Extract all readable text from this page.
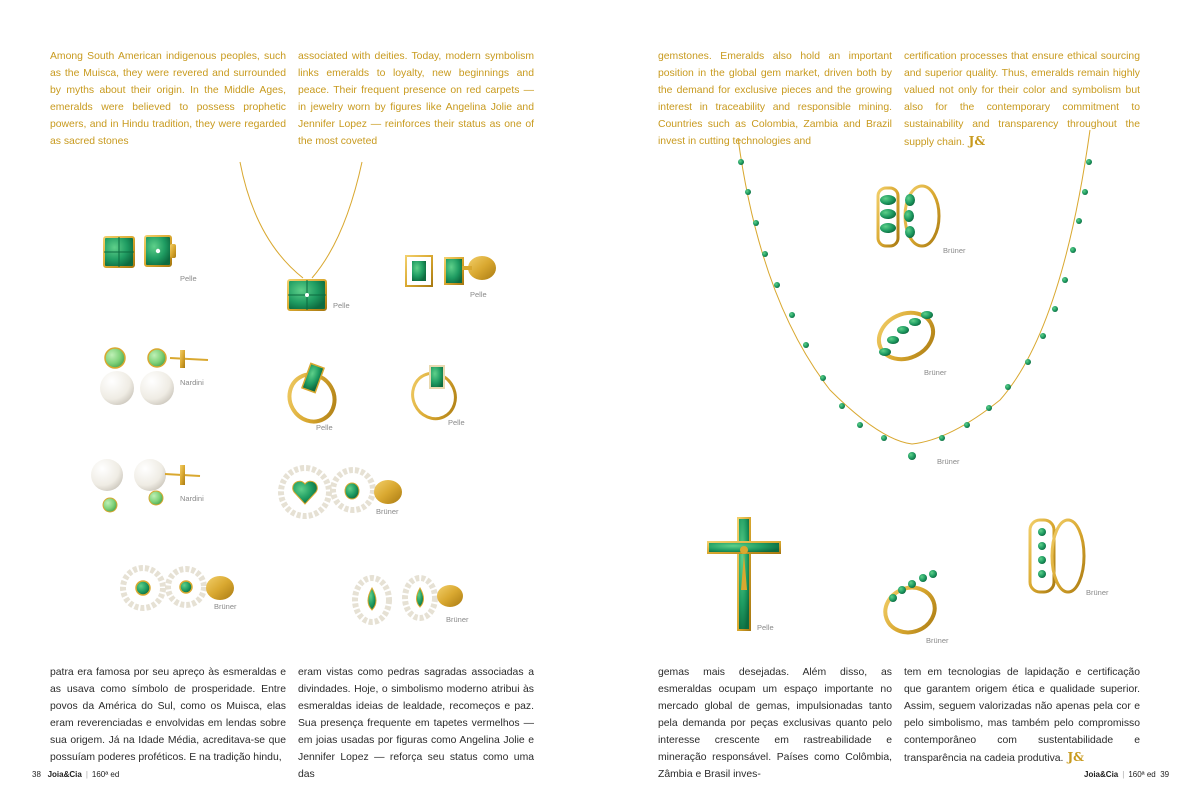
Among South American indigenous peoples, such as the Muisca, they were revered and surrounded by myths about their origin. In the Middle Ages, emeralds were believed to possess prophetic powers, and in Hindu tradition, they were regarded as sacred stones
associated with deities. Today, modern symbolism links emeralds to loyalty, new beginnings and peace. Their frequent presence on red carpets — in jewelry worn by figures like Angelina Jolie and Jennifer Lopez — reinforces their status as one of the most coveted
patra era famosa por seu apreço às esmeraldas e as usava como símbolo de prosperidade. Entre povos da América do Sul, como os Muisca, elas eram reverenciadas e envolvidas em lendas sobre sua origem. Já na Idade Média, acreditava-se que possuíam poderes proféticos. E na tradição hindu,
eram vistas como pedras sagradas associadas a divindades. Hoje, o simbolismo moderno atribui às esmeraldas ideias de lealdade, recomeços e paz. Sua presença frequente em tapetes vermelhos — em joias usadas por figuras como Angelina Jolie e Jennifer Lopez — reforça seu status como uma das
Pelle
Pelle
Pelle
Nardini
Pelle
Pelle
Nardini
Brüner
Brüner
Brüner
38 Joia&Cia | 160ª ed
gemstones. Emeralds also hold an important position in the global gem market, driven both by the demand for exclusive pieces and the growing interest in traceability and responsible mining. Countries such as Colombia, Zambia and Brazil invest in cutting technologies and
certification processes that ensure ethical sourcing and superior quality. Thus, emeralds remain highly valued not only for their color and symbolism but also for the contemporary commitment to sustainability and transparency throughout the supply chain. J&
gemas mais desejadas. Além disso, as esmeraldas ocupam um espaço importante no mercado global de gemas, impulsionadas tanto pela demanda por peças exclusivas quanto pelo interesse crescente em rastreabilidade e mineração responsável. Países como Colômbia, Zâmbia e Brasil inves-
tem em tecnologias de lapidação e certificação que garantem origem ética e qualidade superior. Assim, seguem valorizadas não apenas pela cor e pelo simbolismo, mas também pelo compromisso contemporâneo com sustentabilidade e transparência na cadeia produtiva. J&
Brüner
Brüner
Brüner
Pelle
Brüner
Brüner
Joia&Cia | 160ª ed 39
